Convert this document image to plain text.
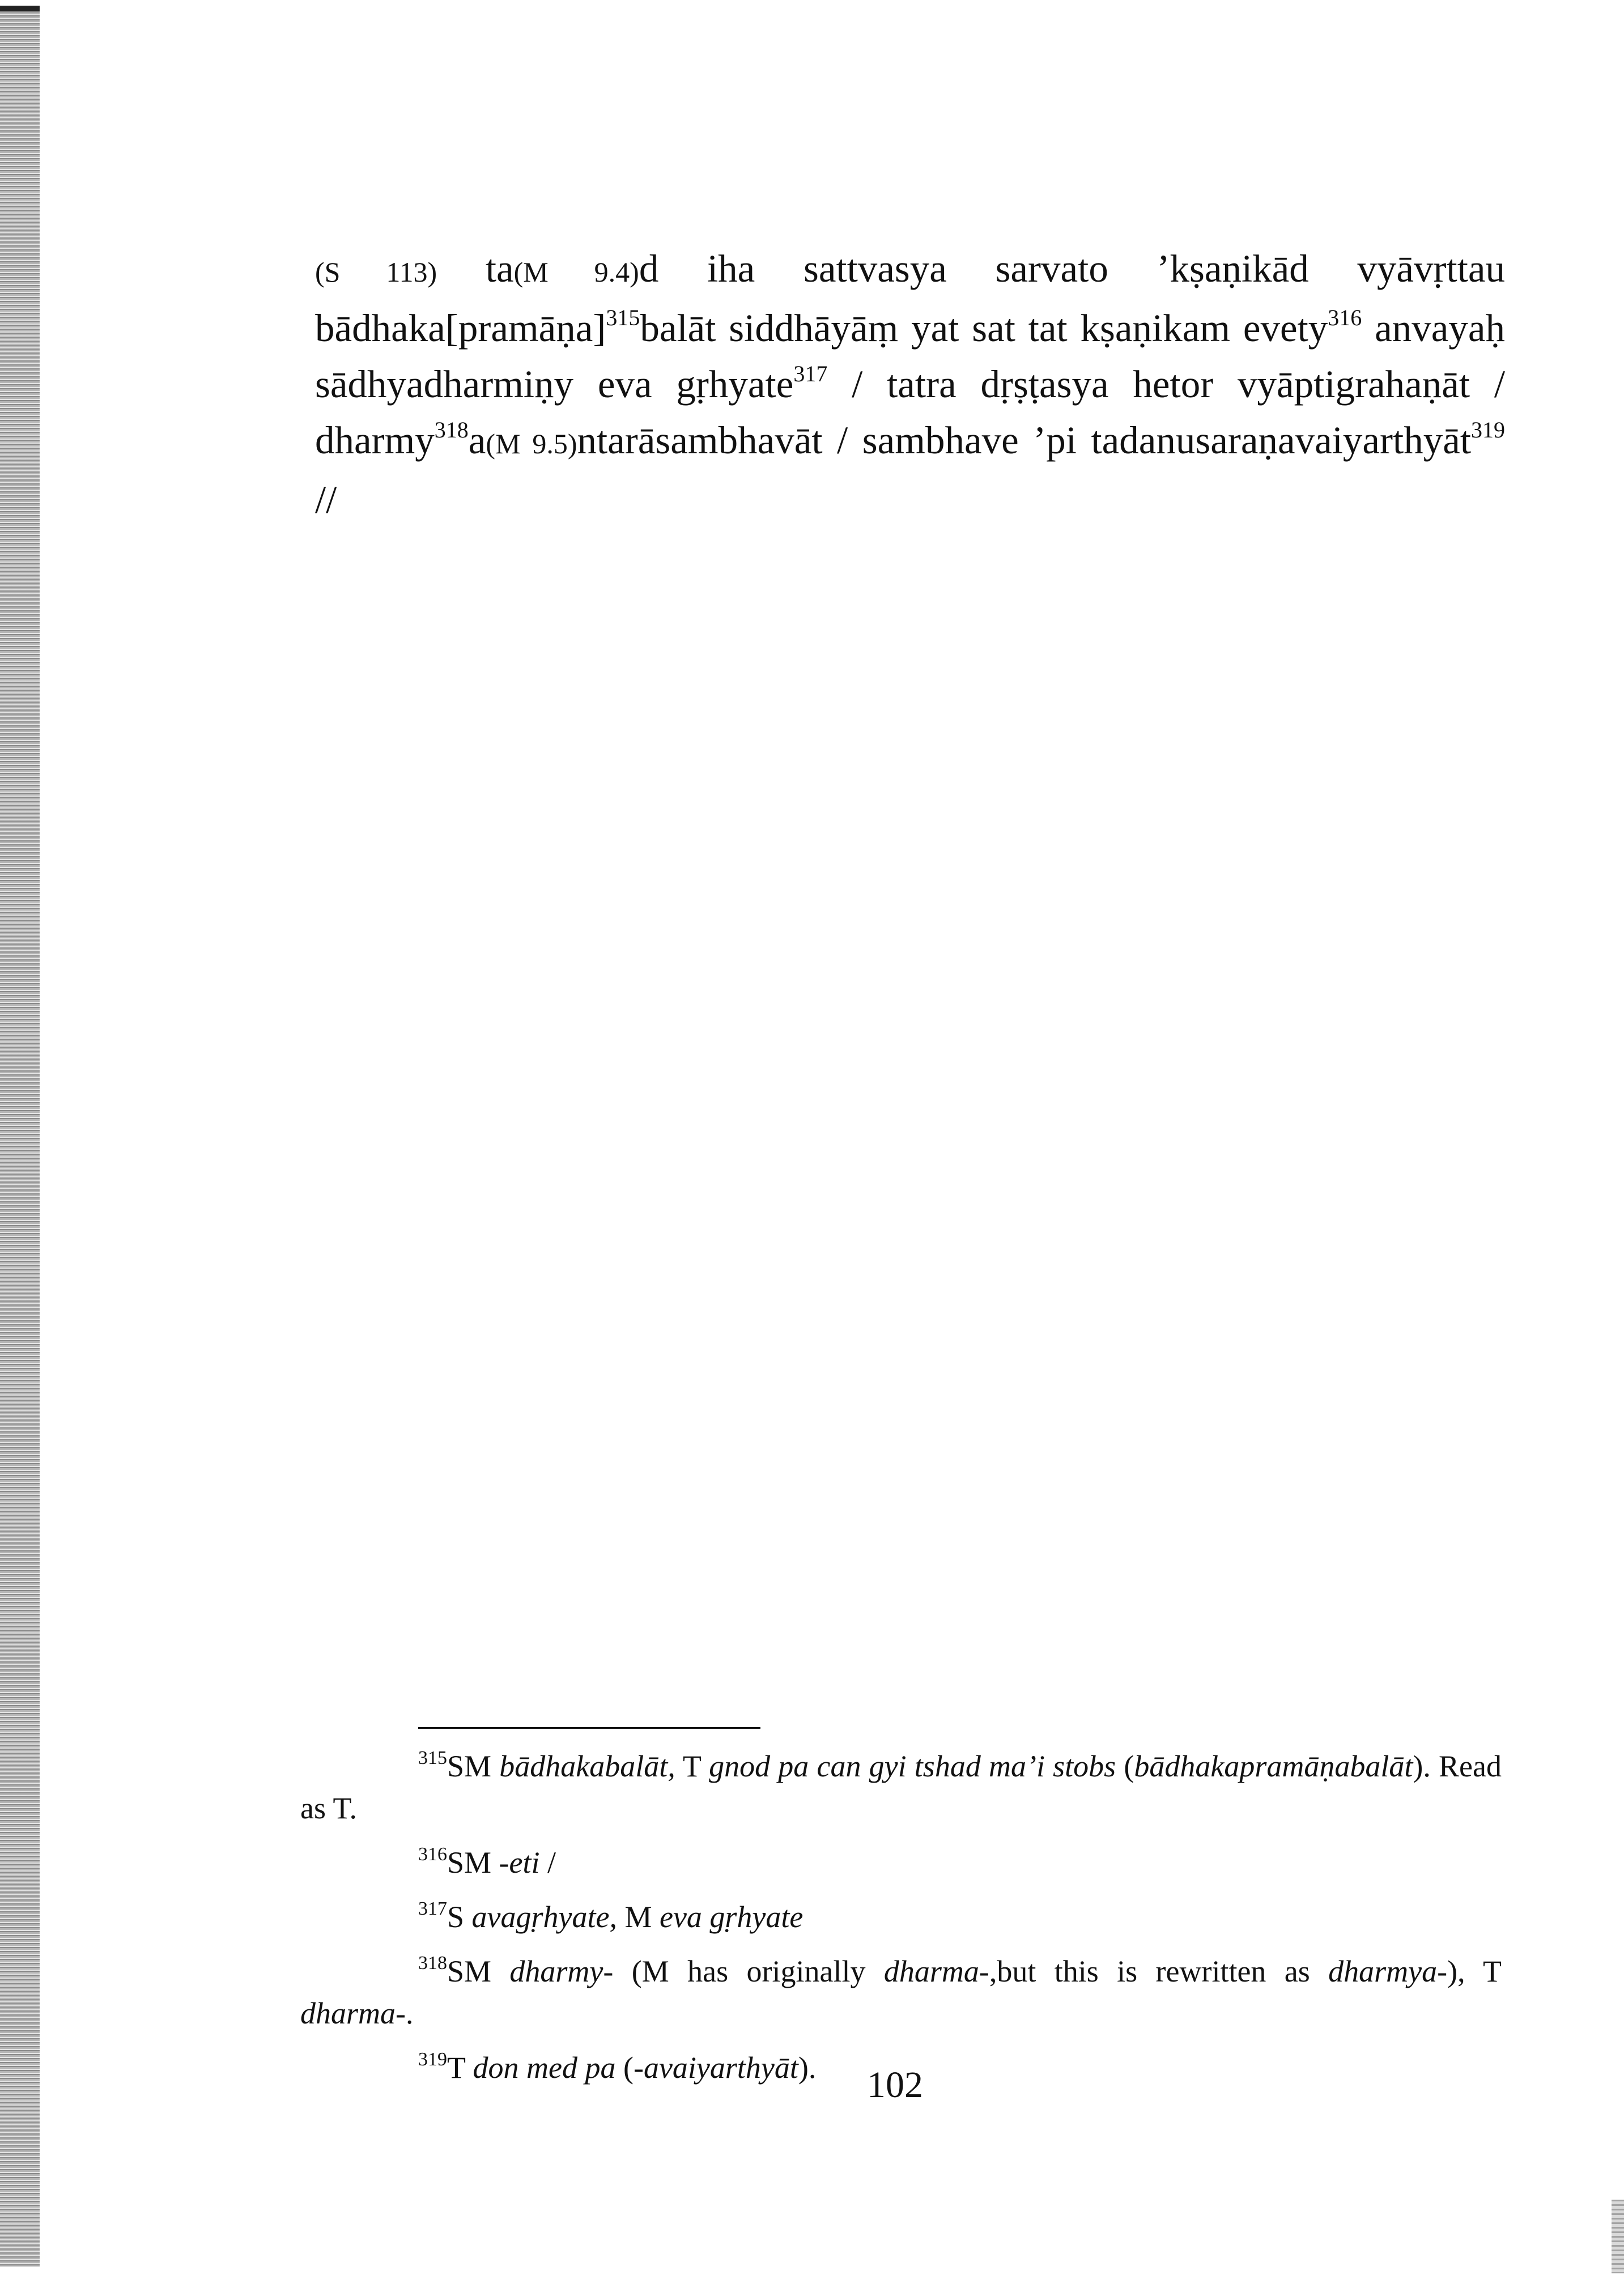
(S 113) ta(M 9.4)d iha sattvasya sarvato ’kṣaṇikād vyāvṛttau bādhaka[pramāṇa]$^{315}$balāt siddhāyāṃ yat sat tat kṣaṇikam evety$^{316}$ anvayaḥ sādhyadharmiṇy eva gṛhyate$^{317}$ / tatra dṛṣṭasya hetor vyāptigrahaṇāt / dharmy$^{318}$a(M 9.5)ntarāsambhavāt / sambhave ’pi tadanusaraṇavaiyarthyāt$^{319}$ //
$^{315}$SM bādhakabalāt, T gnod pa can gyi tshad ma’i stobs (bādhakapramāṇabalāt). Read as T.
$^{316}$SM -eti /
$^{317}$S avagṛhyate, M eva gṛhyate
$^{318}$SM dharmy- (M has originally dharma-,but this is rewritten as dharmya-), T dharma-.
$^{319}$T don med pa (-avaiyarthyāt).	102
